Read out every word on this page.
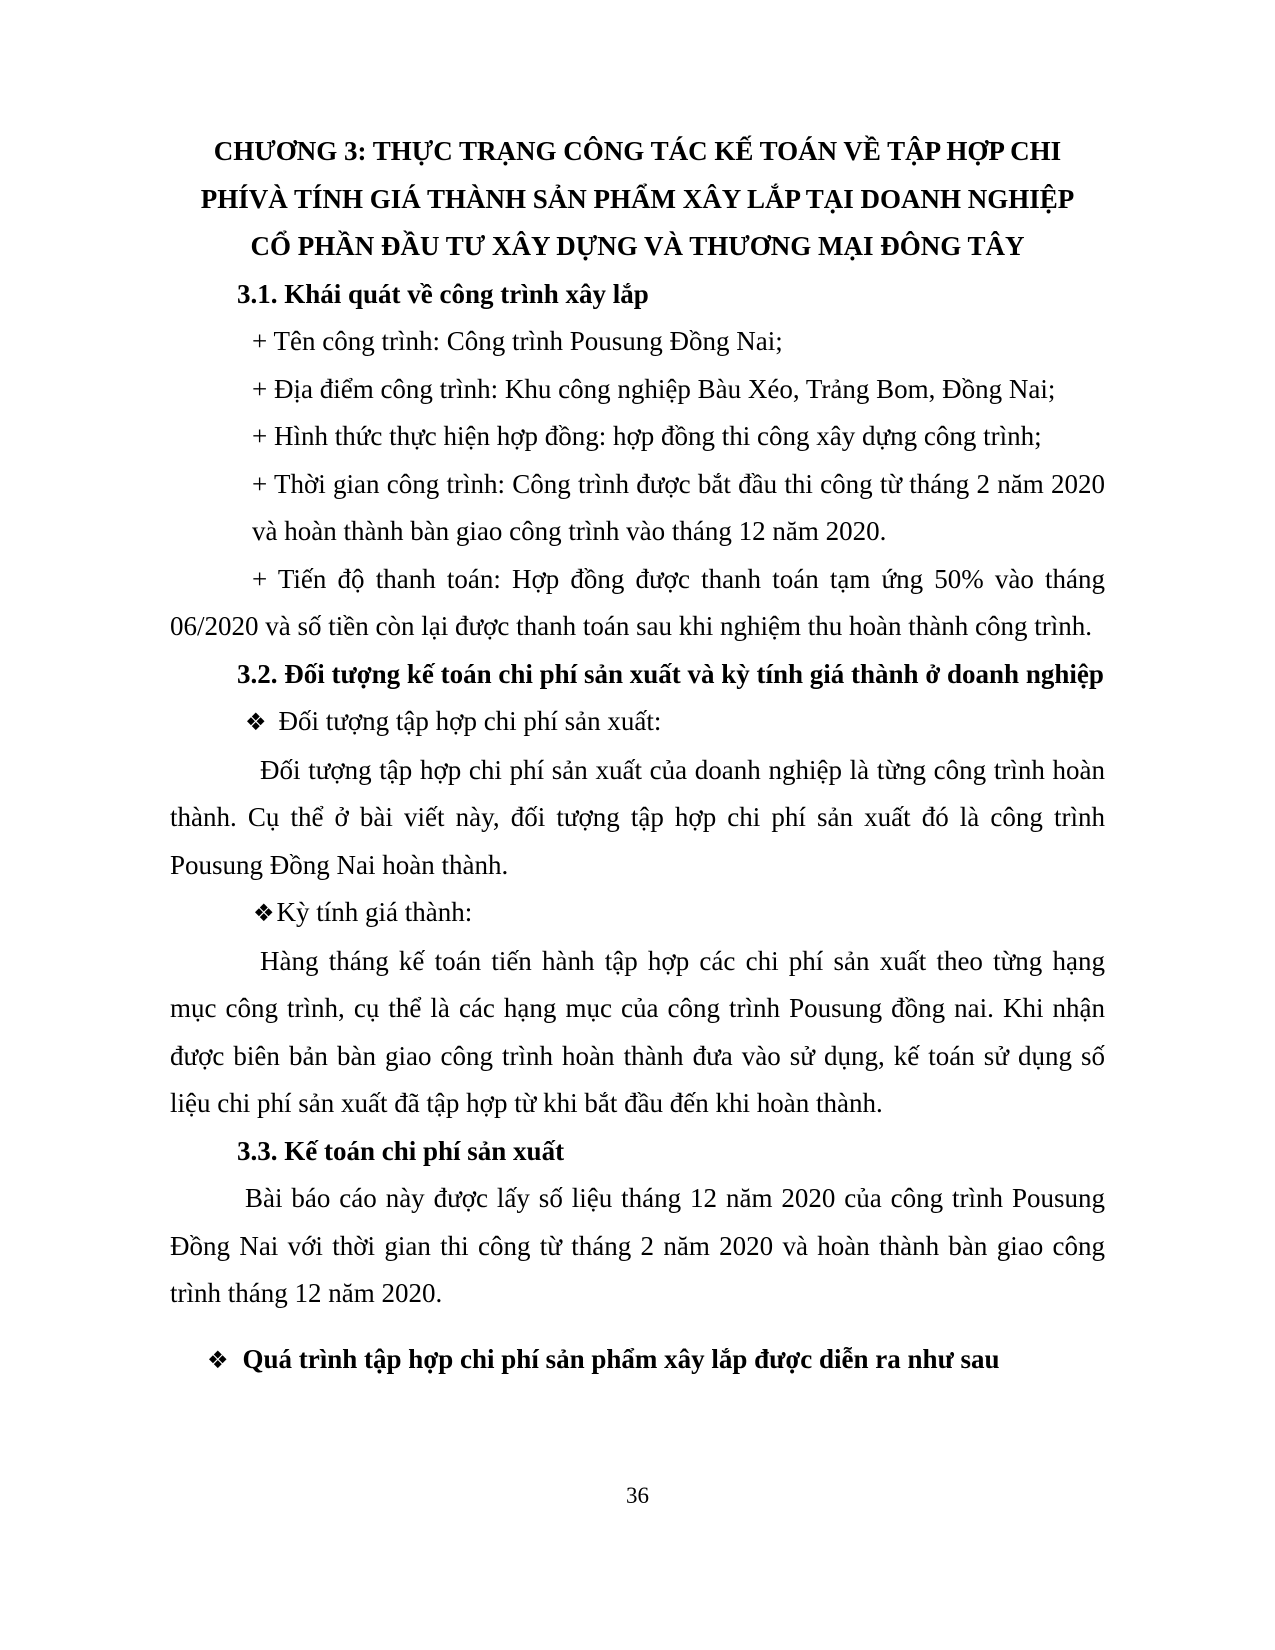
CHƯƠNG 3: THỰC TRẠNG CÔNG TÁC KẾ TOÁN VỀ TẬP HỢP CHI
PHÍVÀ TÍNH GIÁ THÀNH SẢN PHẨM XÂY LẮP TẠI DOANH NGHIỆP
CỔ PHẦN ĐẦU TƯ XÂY DỰNG VÀ THƯƠNG MẠI ĐÔNG TÂY
3.1. Khái quát về công trình xây lắp
+ Tên công trình: Công trình Pousung Đồng Nai;
+ Địa điểm công trình: Khu công nghiệp Bàu Xéo, Trảng Bom, Đồng Nai;
+ Hình thức thực hiện hợp đồng: hợp đồng thi công xây dựng công trình;
+ Thời gian công trình: Công trình được bắt đầu thi công từ tháng 2 năm 2020 và hoàn thành bàn giao công trình vào tháng 12 năm 2020.
+ Tiến độ thanh toán: Hợp đồng được thanh toán tạm ứng 50% vào tháng 06/2020 và số tiền còn lại được thanh toán sau khi nghiệm thu hoàn thành công trình.
3.2. Đối tượng kế toán chi phí sản xuất và kỳ tính giá thành ở doanh nghiệp
❖ Đối tượng tập hợp chi phí sản xuất:
Đối tượng tập hợp chi phí sản xuất của doanh nghiệp là từng công trình hoàn thành. Cụ thể ở bài viết này, đối tượng tập hợp chi phí sản xuất đó là công trình Pousung Đồng Nai hoàn thành.
❖Kỳ tính giá thành:
Hàng tháng kế toán tiến hành tập hợp các chi phí sản xuất theo từng hạng mục công trình, cụ thể là các hạng mục của công trình Pousung đồng nai. Khi nhận được biên bản bàn giao công trình hoàn thành đưa vào sử dụng, kế toán sử dụng số liệu chi phí sản xuất đã tập hợp từ khi bắt đầu đến khi hoàn thành.
3.3. Kế toán chi phí sản xuất
Bài báo cáo này được lấy số liệu tháng 12 năm 2020 của công trình Pousung Đồng Nai với thời gian thi công từ tháng 2 năm 2020 và hoàn thành bàn giao công trình tháng 12 năm 2020.
❖ Quá trình tập hợp chi phí sản phẩm xây lắp được diễn ra như sau
36
